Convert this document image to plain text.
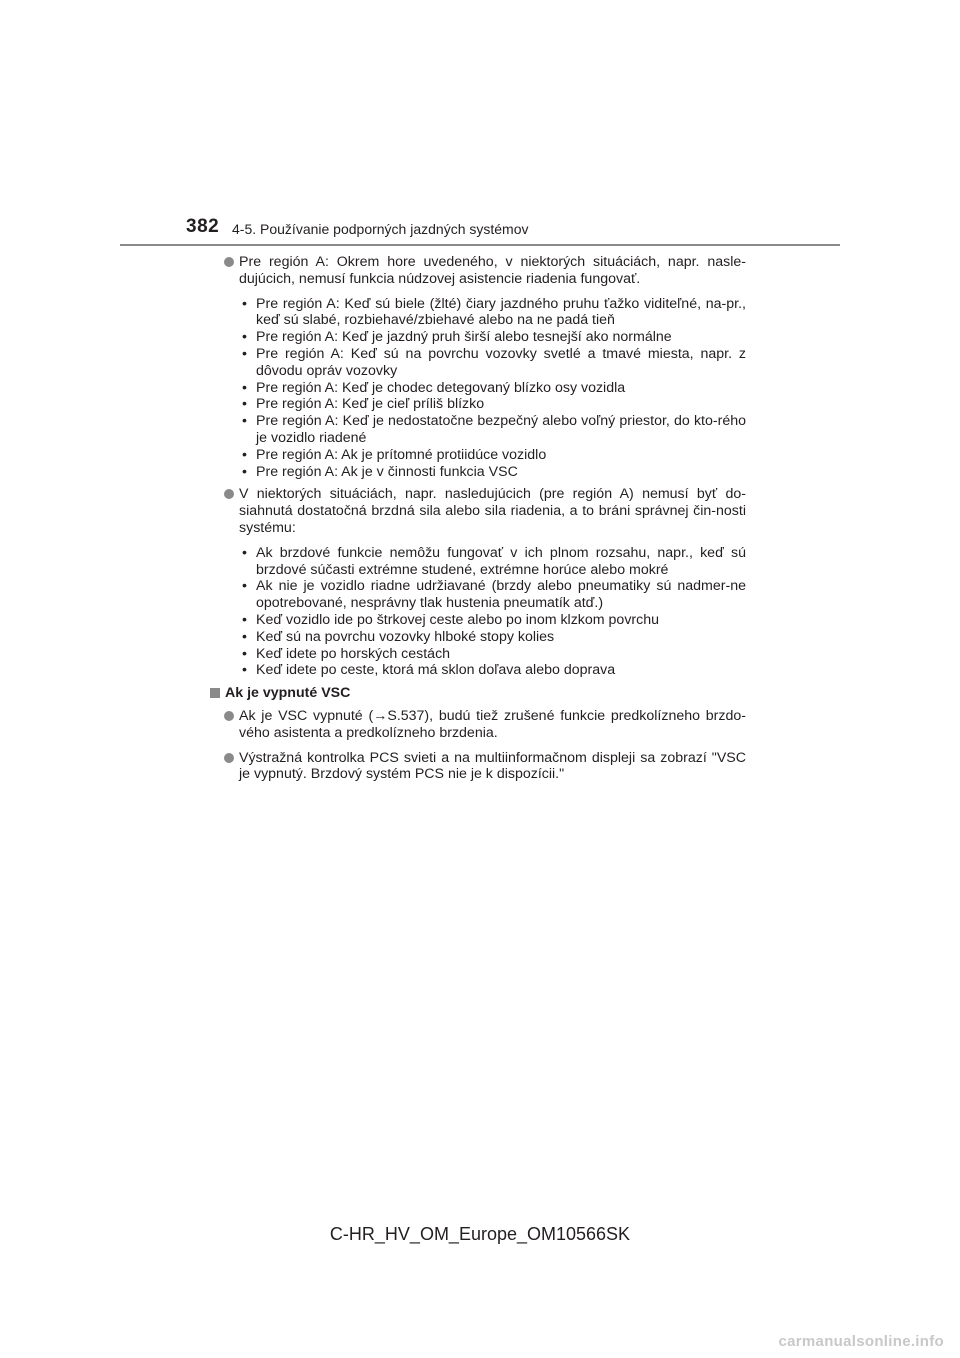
382 4-5. Používanie podporných jazdných systémov
Pre región A: Okrem hore uvedeného, v niektorých situáciách, napr. nasle-dujúcich, nemusí funkcia núdzovej asistencie riadenia fungovať.
• Pre región A: Keď sú biele (žlté) čiary jazdného pruhu ťažko viditeľné, na-pr., keď sú slabé, rozbiehavé/zbiehavé alebo na ne padá tieň
• Pre región A: Keď je jazdný pruh širší alebo tesnejší ako normálne
• Pre región A: Keď sú na povrchu vozovky svetlé a tmavé miesta, napr. z dôvodu opráv vozovky
• Pre región A: Keď je chodec detegovaný blízko osy vozidla
• Pre región A: Keď je cieľ príliš blízko
• Pre región A: Keď je nedostatočne bezpečný alebo voľný priestor, do kto-rého je vozidlo riadené
• Pre región A: Ak je prítomné protiidúce vozidlo
• Pre región A: Ak je v činnosti funkcia VSC
V niektorých situáciách, napr. nasledujúcich (pre región A) nemusí byť do-siahnutá dostatočná brzdná sila alebo sila riadenia, a to bráni správnej čin-nosti systému:
• Ak brzdové funkcie nemôžu fungovať v ich plnom rozsahu, napr., keď sú brzdové súčasti extrémne studené, extrémne horúce alebo mokré
• Ak nie je vozidlo riadne udržiavané (brzdy alebo pneumatiky sú nadmer-ne opotrebované, nesprávny tlak hustenia pneumatík atď.)
• Keď vozidlo ide po štrkovej ceste alebo po inom klzkom povrchu
• Keď sú na povrchu vozovky hlboké stopy kolies
• Keď idete po horských cestách
• Keď idete po ceste, ktorá má sklon doľava alebo doprava
Ak je vypnuté VSC
Ak je VSC vypnuté (→S.537), budú tiež zrušené funkcie predkolízneho brzdo-vého asistenta a predkolízneho brzdenia.
Výstražná kontrolka PCS svieti a na multiinformačnom displeji sa zobrazí "VSC je vypnutý. Brzdový systém PCS nie je k dispozícii."
C-HR_HV_OM_Europe_OM10566SK
carmanualsonline.info
